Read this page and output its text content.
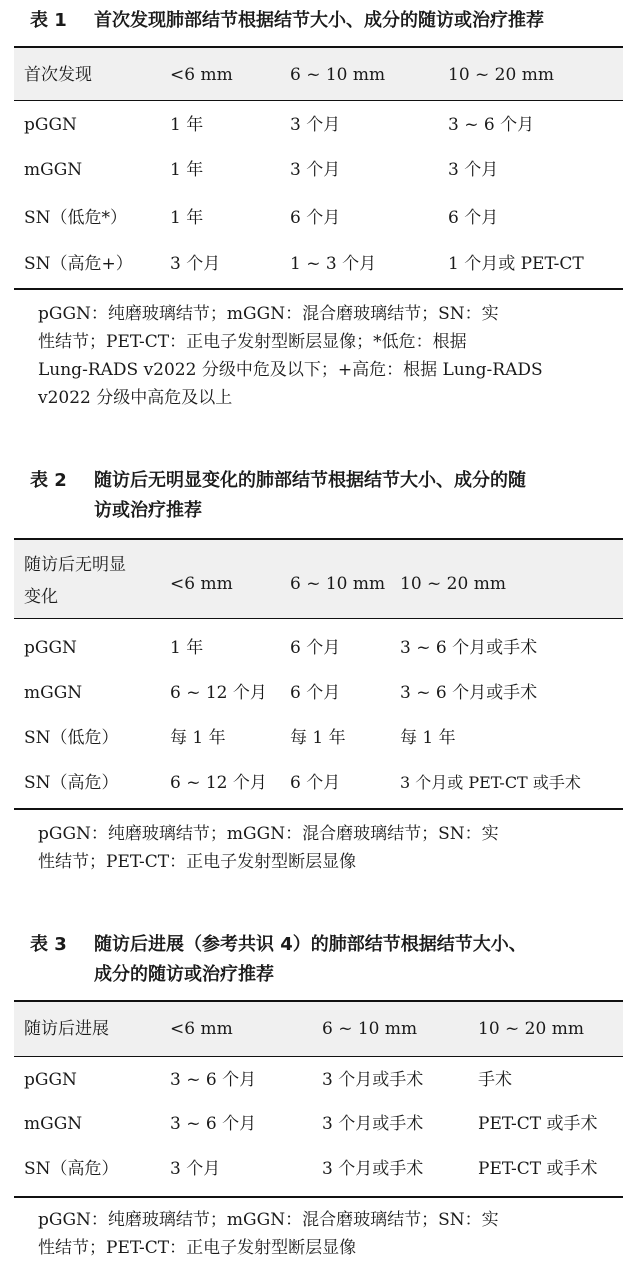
表 1 首次发现肺部结节根据结节大小、成分的随访或治疗推荐
首次发现	<6 mm	6 ~ 10 mm	10 ~ 20 mm
pGGN	1 年	3 个月	3 ~ 6 个月
mGGN	1 年	3 个月	3 个月
SN（低危*）	1 年	6 个月	6 个月
SN（高危+） 3 个月	1 ~ 3 个月	1 个月或 PET-CT
pGGN：纯磨玻璃结节；mGGN：混合磨玻璃结节；SN：实
性结节；PET-CT：正电子发射型断层显像；*低危：根据
Lung-RADS v2022 分级中危及以下；+高危：根据 Lung-RADS
v2022 分级中高危及以上
表 2 随访后无明显变化的肺部结节根据结节大小、成分的随
访或治疗推荐
随访后无明显
变化
<6 mm	6 ~ 10 mm 10 ~ 20 mm
pGGN	1 年	6 个月	3 ~ 6 个月或手术
mGGN	6 ~ 12 个月 6 个月	3 ~ 6 个月或手术
SN（低危）	每 1 年	每 1 年	每 1 年
SN（高危）	6 ~ 12 个月 6 个月	3 个月或 PET-CT 或手术
pGGN：纯磨玻璃结节；mGGN：混合磨玻璃结节；SN：实
性结节；PET-CT：正电子发射型断层显像
表 3 随访后进展（参考共识 4）的肺部结节根据结节大小、
成分的随访或治疗推荐
随访后进展	<6 mm	6 ~ 10 mm	10 ~ 20 mm
pGGN	3 ~ 6 个月	3 个月或手术	手术
mGGN	3 ~ 6 个月	3 个月或手术	PET-CT 或手术
SN（高危）	3 个月	3 个月或手术	PET-CT 或手术
pGGN：纯磨玻璃结节；mGGN：混合磨玻璃结节；SN：实
性结节；PET-CT：正电子发射型断层显像
